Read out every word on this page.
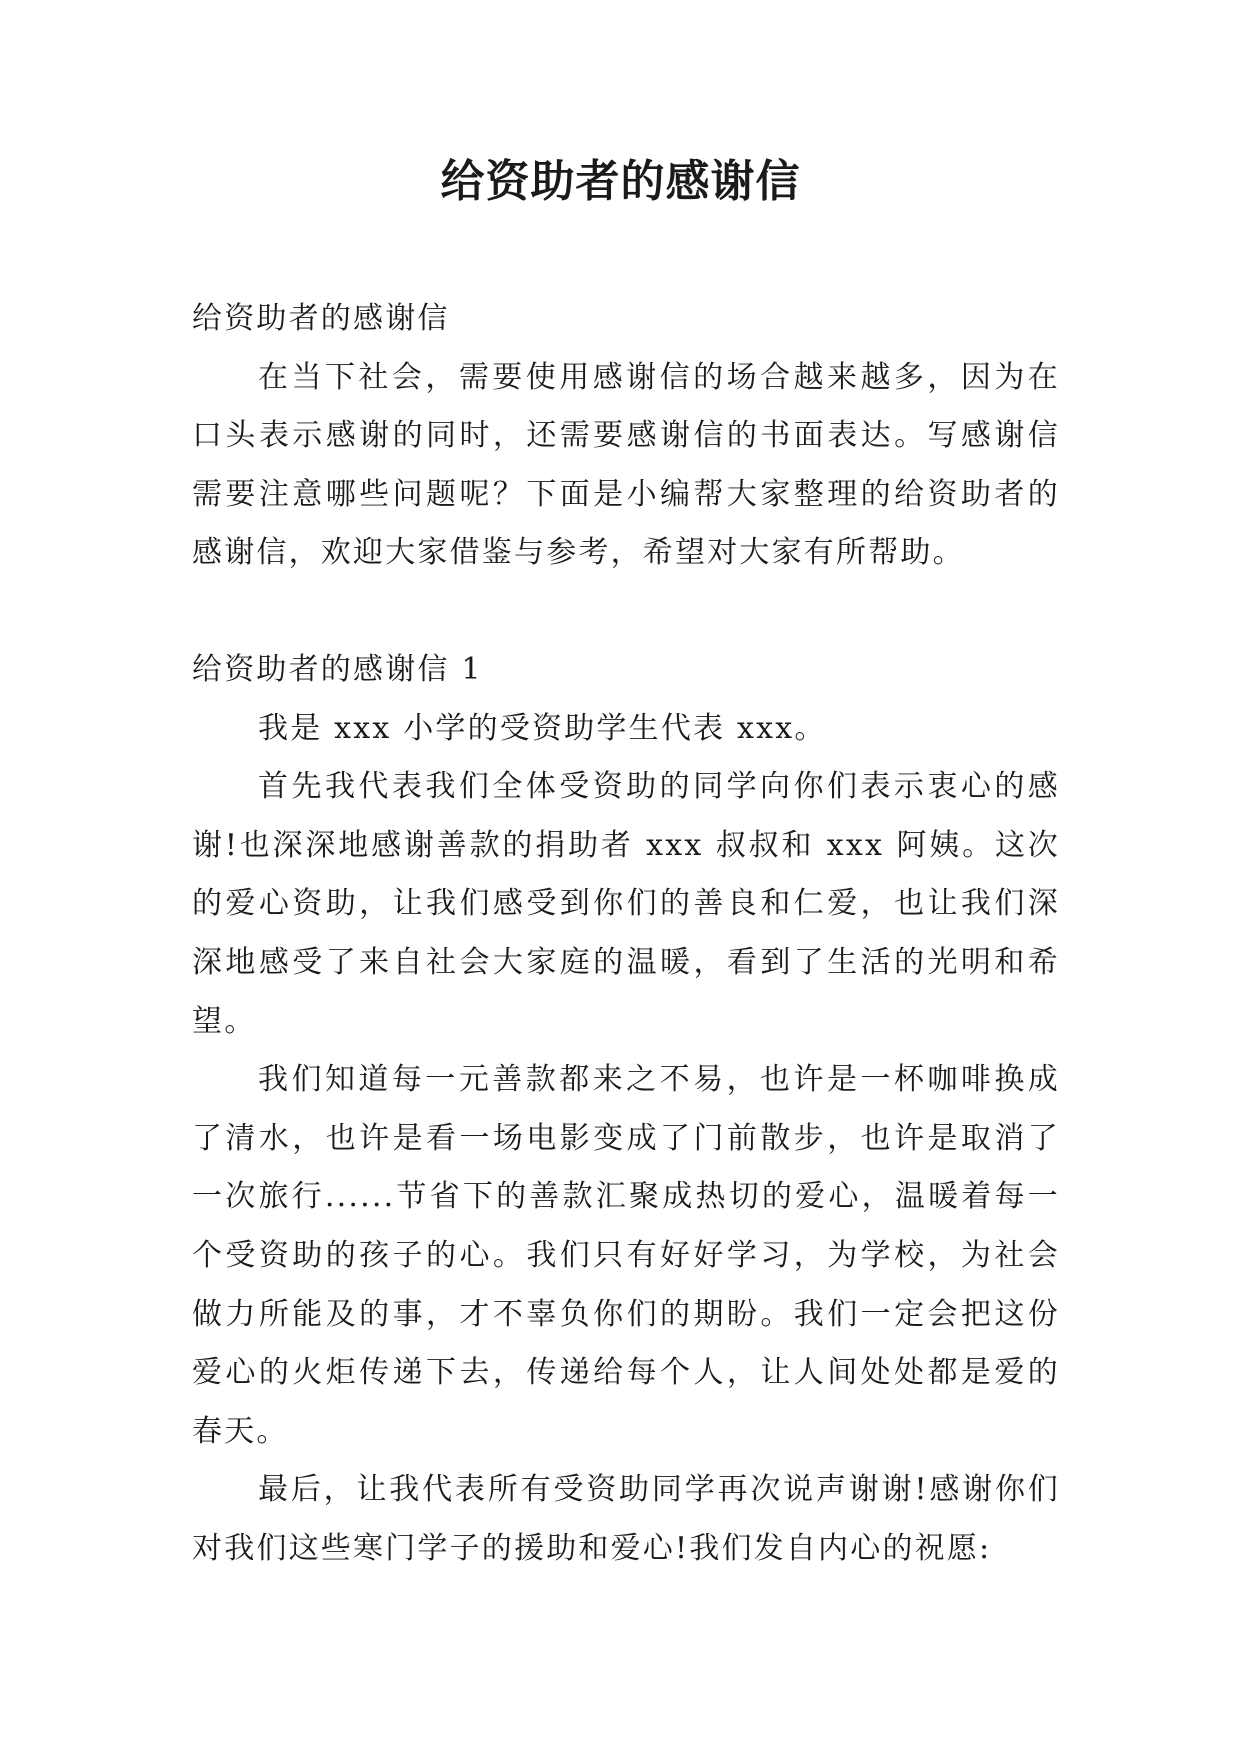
给资助者的感谢信

给资助者的感谢信

在当下社会，需要使用感谢信的场合越来越多，因为在口头表示感谢的同时，还需要感谢信的书面表达。写感谢信需要注意哪些问题呢？下面是小编帮大家整理的给资助者的感谢信，欢迎大家借鉴与参考，希望对大家有所帮助。

给资助者的感谢信 1

我是 xxx 小学的受资助学生代表 xxx。

首先我代表我们全体受资助的同学向你们表示衷心的感谢!也深深地感谢善款的捐助者 xxx 叔叔和 xxx 阿姨。这次的爱心资助，让我们感受到你们的善良和仁爱，也让我们深深地感受了来自社会大家庭的温暖，看到了生活的光明和希望。

我们知道每一元善款都来之不易，也许是一杯咖啡换成了清水，也许是看一场电影变成了门前散步，也许是取消了一次旅行......节省下的善款汇聚成热切的爱心，温暖着每一个受资助的孩子的心。我们只有好好学习，为学校，为社会做力所能及的事，才不辜负你们的期盼。我们一定会把这份爱心的火炬传递下去，传递给每个人，让人间处处都是爱的春天。

最后，让我代表所有受资助同学再次说声谢谢!感谢你们对我们这些寒门学子的援助和爱心!我们发自内心的祝愿:
